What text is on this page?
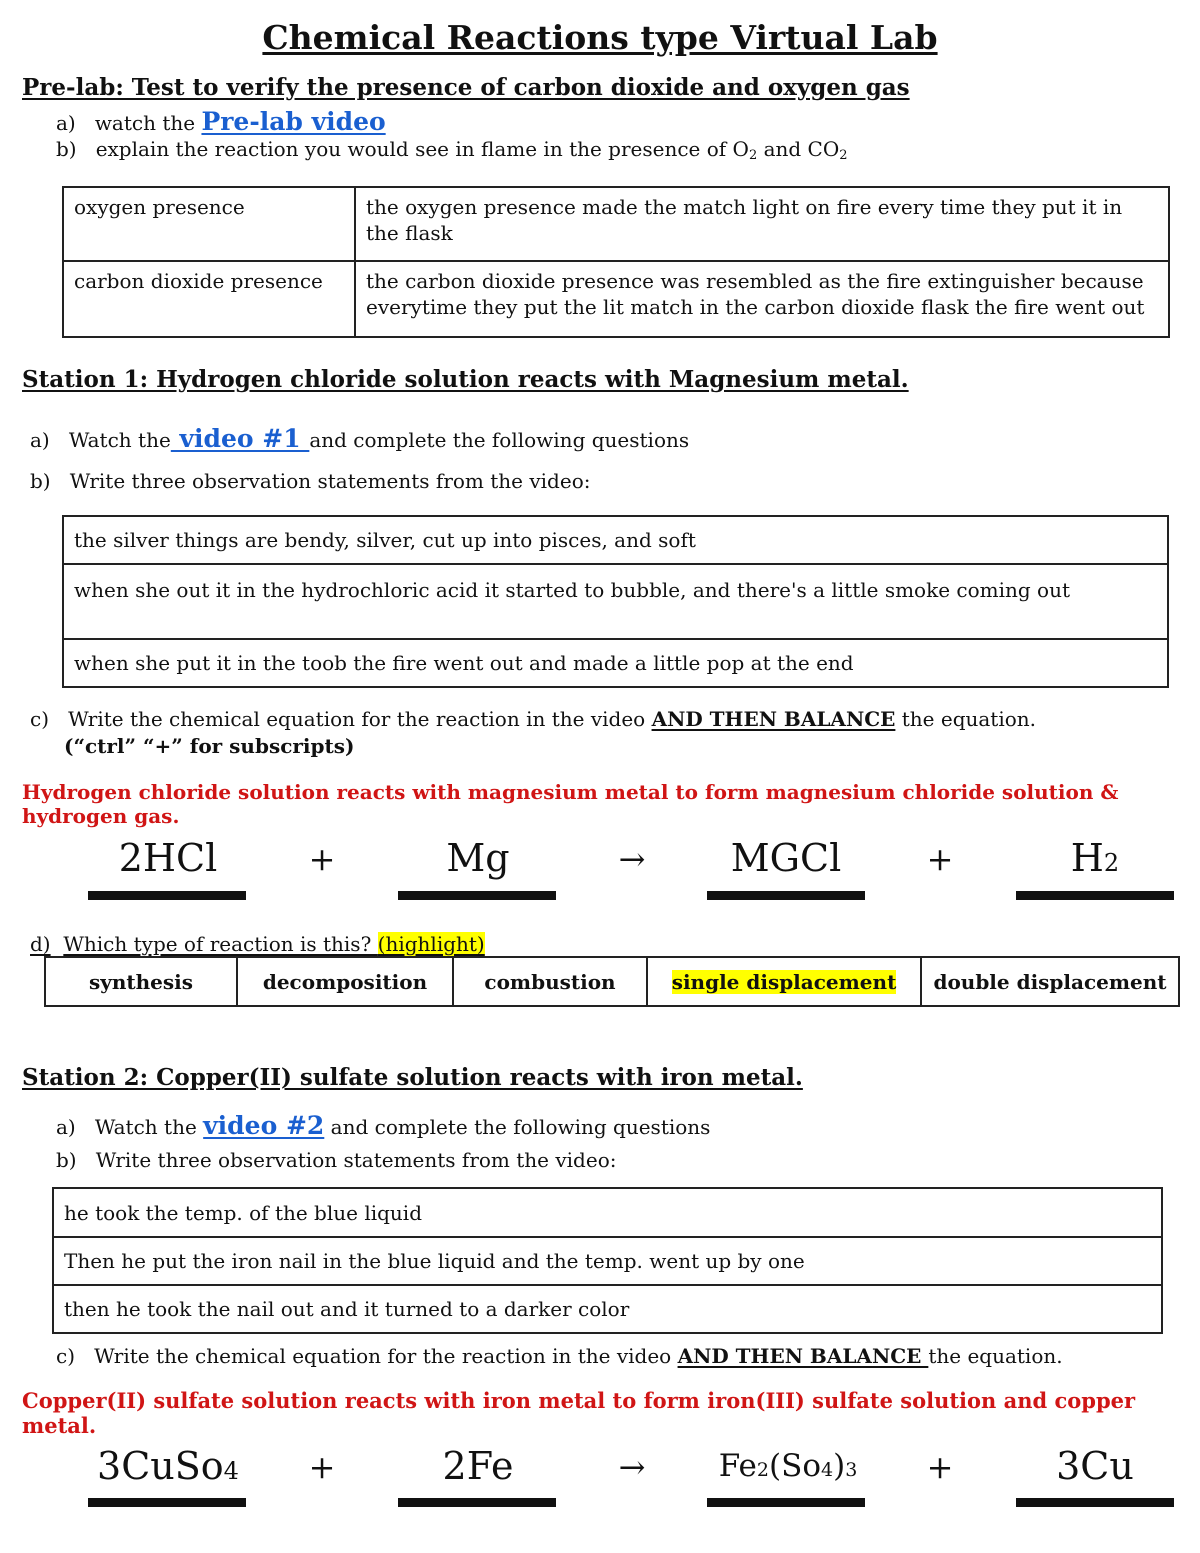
Chemical Reactions type Virtual Lab
Pre-lab: Test to verify the presence of carbon dioxide and oxygen gas
a) watch the Pre-lab video
b) explain the reaction you would see in flame in the presence of $O_2$ and $CO_2$
oxygen presence	the oxygen presence made the match light on fire every time they put it in the flask
carbon dioxide presence	the carbon dioxide presence was resembled as the fire extinguisher because everytime they put the lit match in the carbon dioxide flask the fire went out
Station 1: Hydrogen chloride solution reacts with Magnesium metal.
a) Watch the video #1 and complete the following questions
b) Write three observation statements from the video:
the silver things are bendy, silver, cut up into pisces, and soft
when she out it in the hydrochloric acid it started to bubble, and there's a little smoke coming out
when she put it in the toob the fire went out and made a little pop at the end
c) Write the chemical equation for the reaction in the video AND THEN BALANCE the equation.
(“ctrl” “+” for subscripts)
Hydrogen chloride solution reacts with magnesium metal to form magnesium chloride solution & hydrogen gas.
2HCl	+	Mg	→	MGCl	+	H2
d) Which type of reaction is this? (highlight)
synthesis	decomposition	combustion	single displacement	double displacement
Station 2: Copper(II) sulfate solution reacts with iron metal.
a) Watch the video #2 and complete the following questions
b) Write three observation statements from the video:
he took the temp. of the blue liquid
Then he put the iron nail in the blue liquid and the temp. went up by one
then he took the nail out and it turned to a darker color
c) Write the chemical equation for the reaction in the video AND THEN BALANCE the equation.
Copper(II) sulfate solution reacts with iron metal to form iron(III) sulfate solution and copper metal.
3CuSo4	+	2Fe	→	Fe2(So4)3	+	3Cu
